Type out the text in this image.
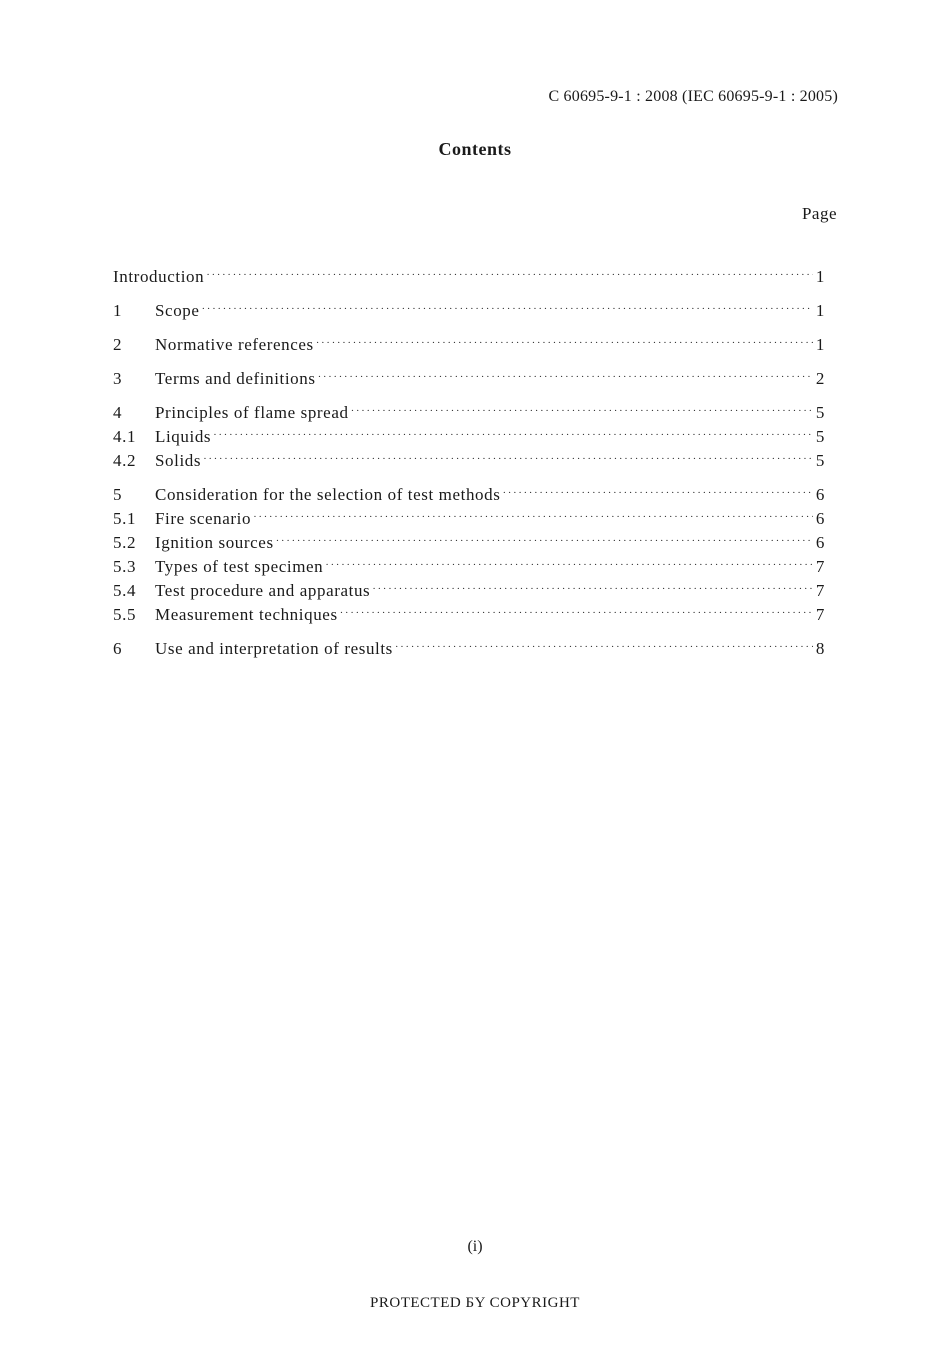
C 60695-9-1 : 2008 (IEC 60695-9-1 : 2005)
Contents
Page
Introduction ·····	1
1	Scope ·····	1
2	Normative references ·····	1
3	Terms and definitions ·····	2
4	Principles of flame spread ·····	5
4.1	Liquids ·····	5
4.2	Solids ·····	5
5	Consideration for the selection of test methods ·····	6
5.1	Fire scenario ·····	6
5.2	Ignition sources ·····	6
5.3	Types of test specimen ·····	7
5.4	Test procedure and apparatus ·····	7
5.5	Measurement techniques ·····	7
6	Use and interpretation of results ·····	8
(i)
PROTECTED ƂY COPYRIGHT
